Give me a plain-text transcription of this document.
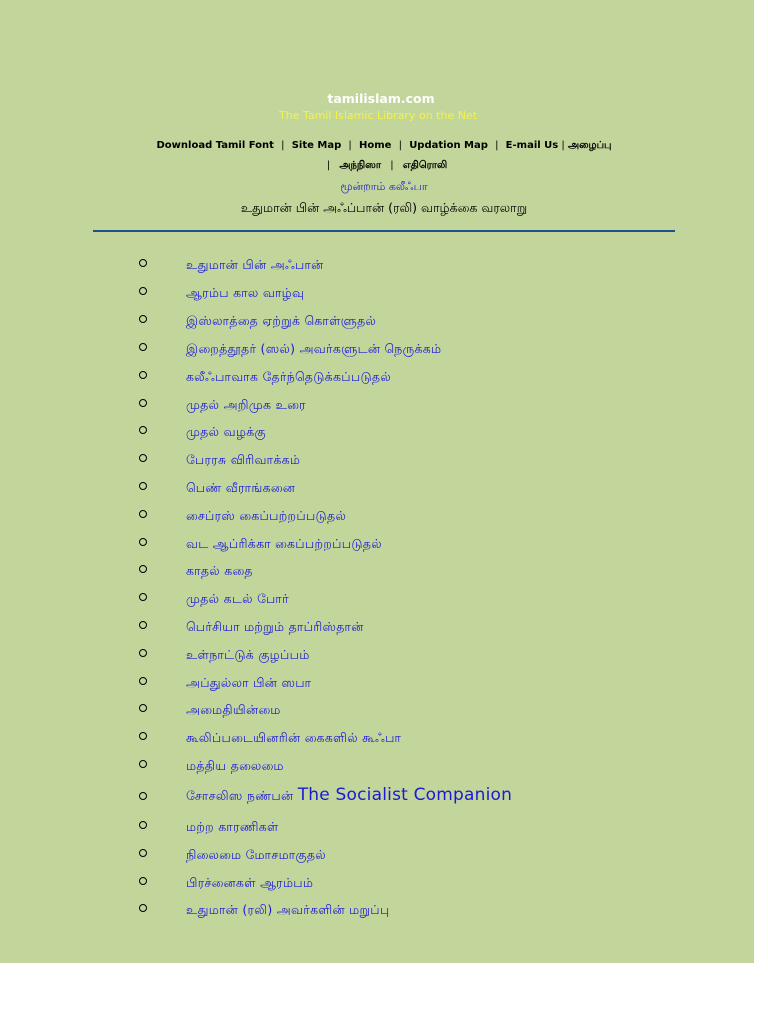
tamilislam.com
The Tamil Islamic Library on the Net
Download Tamil Font | Site Map | Home | Updation Map | E-mail Us | அழைப்பு
| அந்நிஸா | எதிரொலி
மூன்றாம் கலீஃபா
உதுமான் பின் அஃப்பான் (ரலி) வாழ்க்கை வரலாறு
உதுமான் பின் அஃபான்
ஆரம்ப கால வாழ்வு
இஸ்லாத்தை ஏற்றுக் கொள்ளுதல்
இறைத்தூதர் (ஸல்) அவர்களுடன் நெருக்கம்
கலீஃபாவாக தேர்ந்தெடுக்கப்படுதல்
முதல் அறிமுக உரை
முதல் வழக்கு
பேரரசு விரிவாக்கம்
பெண் வீராங்கனை
சைப்ரஸ் கைப்பற்றப்படுதல்
வட ஆப்ரிக்கா கைப்பற்றப்படுதல்
காதல் கதை
முதல் கடல் போர்
பெர்சியா மற்றும் தாப்ரிஸ்தான்
உள்நாட்டுக் குழப்பம்
அப்துல்லா பின் ஸபா
அமைதியின்மை
கூலிப்படையினரின் கைகளில் கூஃபா
மத்திய தலைமை
சோசலிஸ நண்பன் The Socialist Companion
மற்ற காரணிகள்
நிலைமை மோசமாகுதல்
பிரச்னைகள் ஆரம்பம்
உதுமான் (ரலி) அவர்களின் மறுப்பு
